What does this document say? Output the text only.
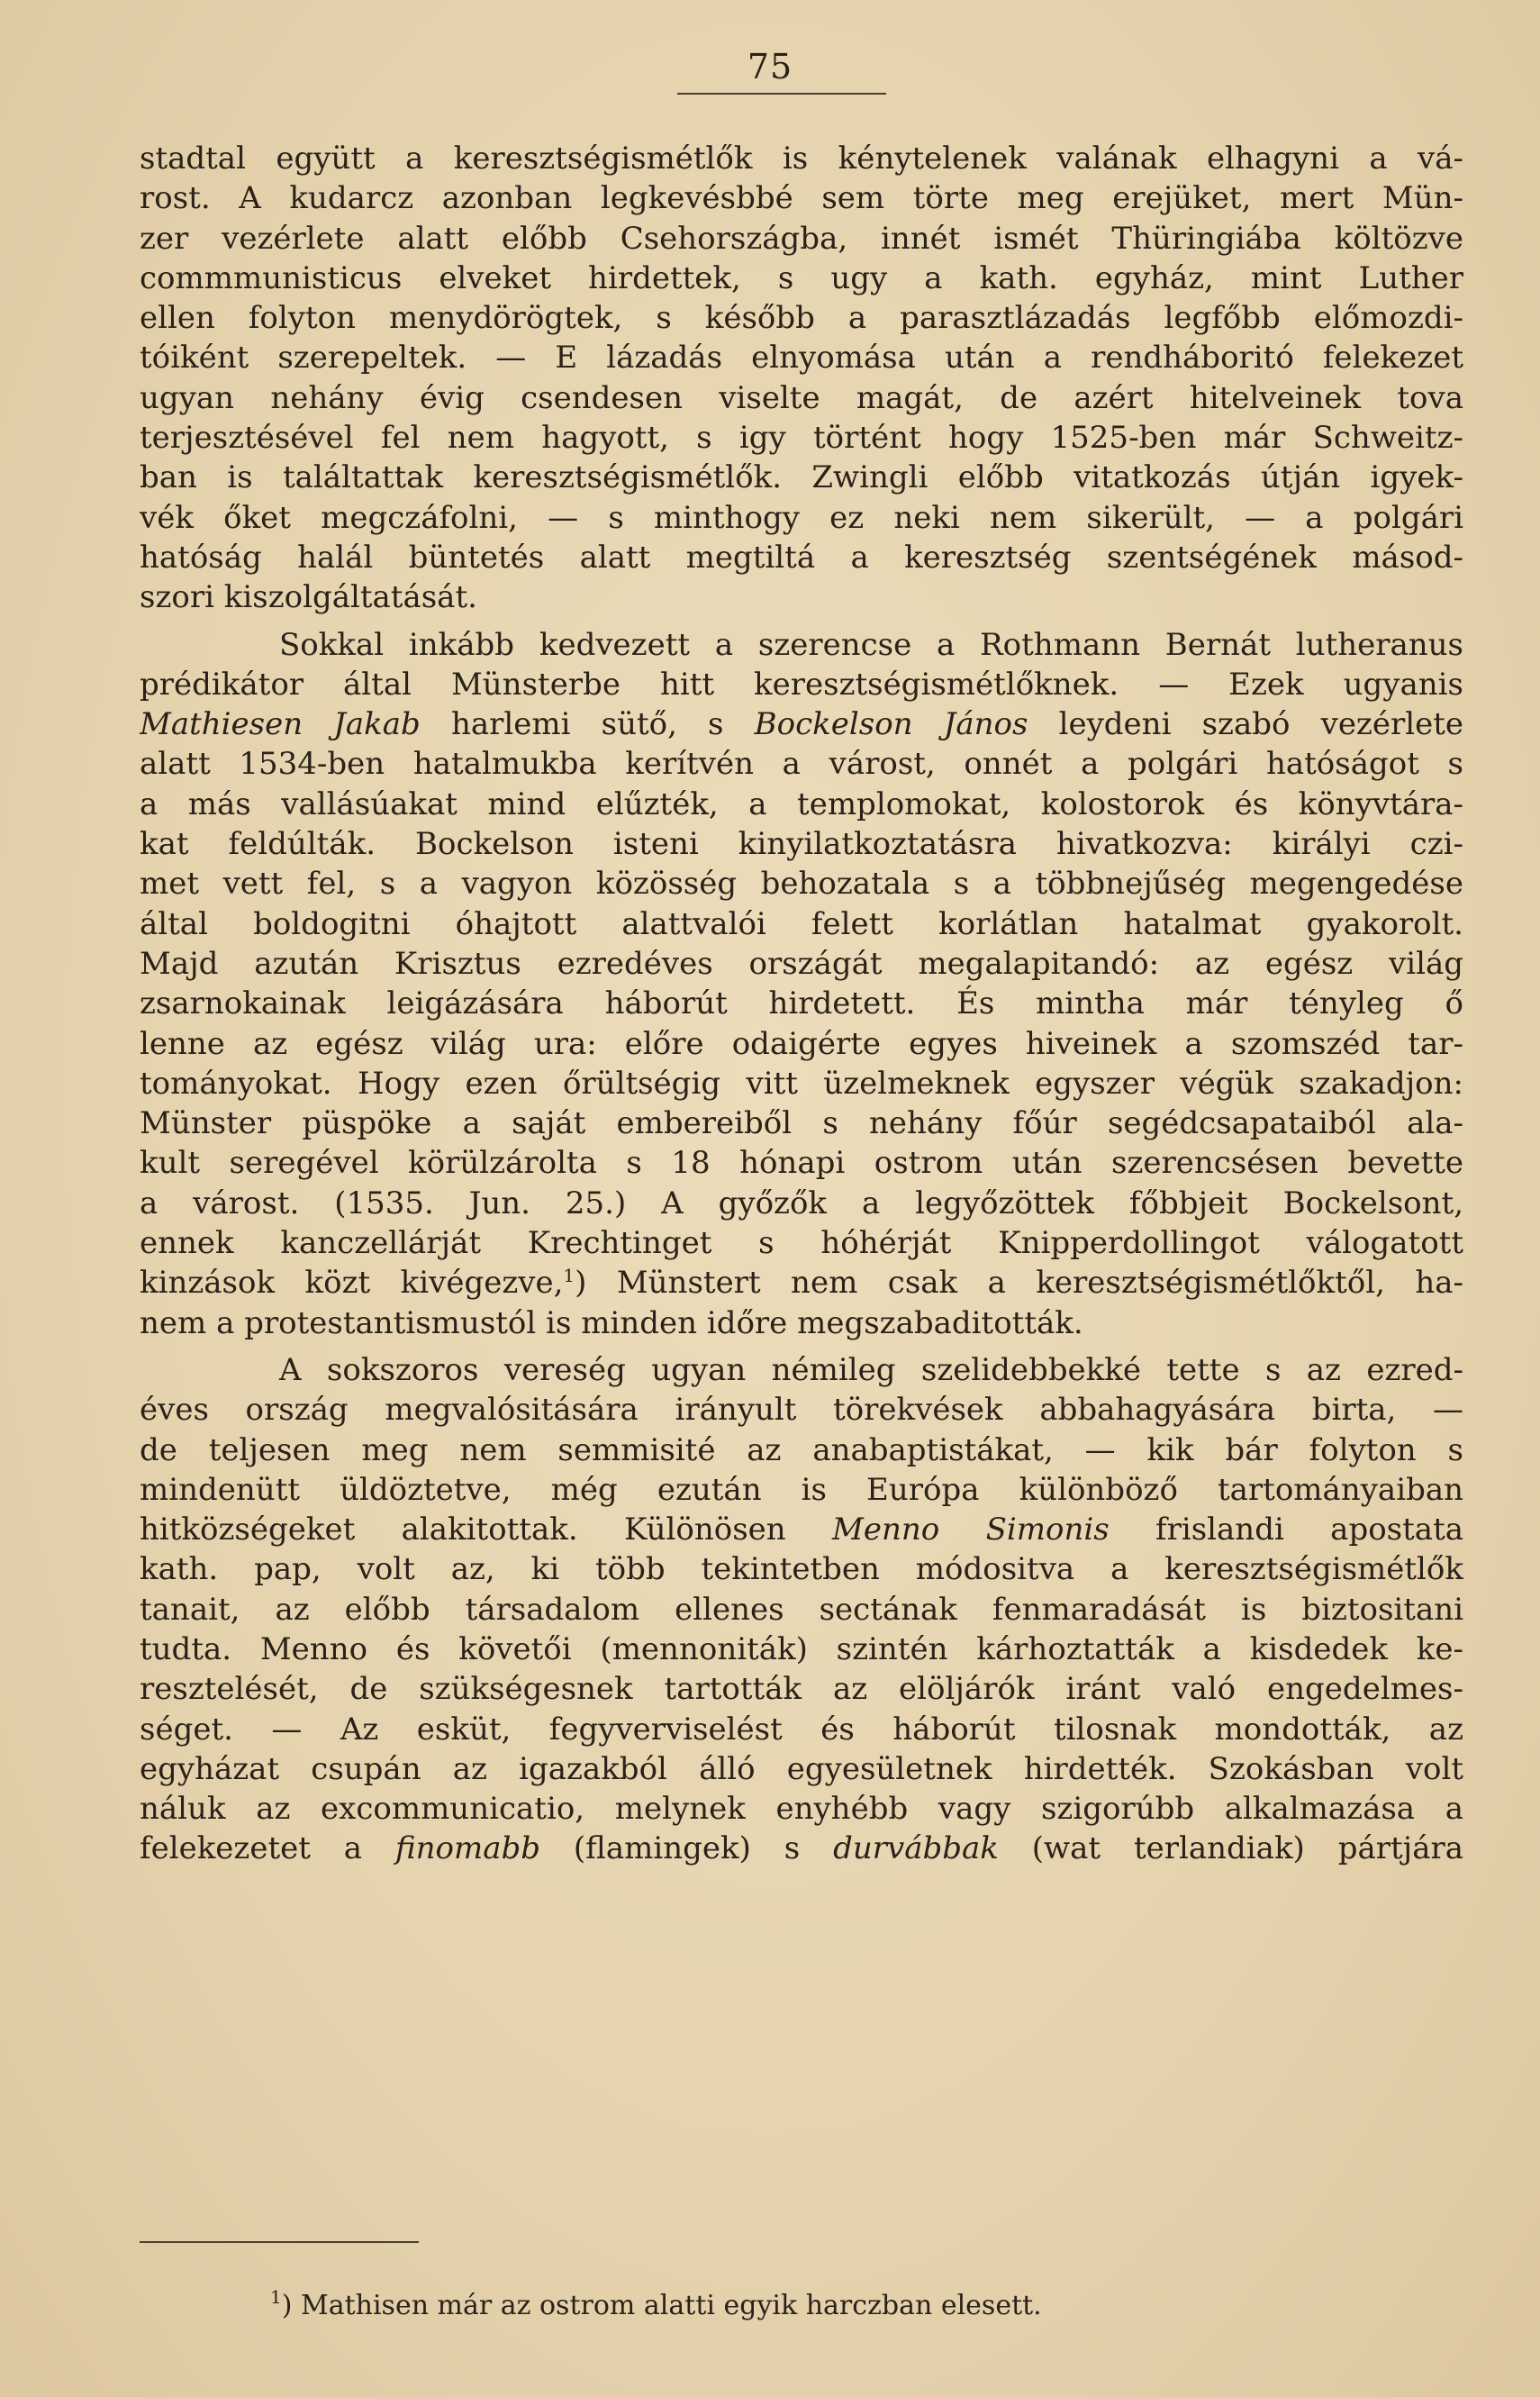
75
stadtal együtt a keresztségismétlők is kénytelenek valának elhagyni a vá-
rost. A kudarcz azonban legkevésbbé sem törte meg erejüket, mert Mün-
zer vezérlete alatt előbb Csehországba, innét ismét Thüringiába költözve
commmunisticus elveket hirdettek, s ugy a kath. egyház, mint Luther
ellen folyton menydörögtek, s később a parasztlázadás legfőbb előmozdi-
tóiként szerepeltek. — E lázadás elnyomása után a rendháboritó felekezet
ugyan nehány évig csendesen viselte magát, de azért hitelveinek tova
terjesztésével fel nem hagyott, s igy történt hogy 1525-ben már Schweitz-
ban is találtattak keresztségismétlők. Zwingli előbb vitatkozás útján igyek-
vék őket megczáfolni, — s minthogy ez neki nem sikerült, — a polgári
hatóság halál büntetés alatt megtiltá a keresztség szentségének másod-
szori kiszolgáltatását.
Sokkal inkább kedvezett a szerencse a Rothmann Bernát lutheranus
prédikátor által Münsterbe hitt keresztségismétlőknek. — Ezek ugyanis
Mathiesen Jakab harlemi sütő, s Bockelson János leydeni szabó vezérlete
alatt 1534-ben hatalmukba kerítvén a várost, onnét a polgári hatóságot s
a más vallásúakat mind elűzték, a templomokat, kolostorok és könyvtára-
kat feldúlták. Bockelson isteni kinyilatkoztatásra hivatkozva: királyi czi-
met vett fel, s a vagyon közösség behozatala s a többnejűség megengedése
által boldogitni óhajtott alattvalói felett korlátlan hatalmat gyakorolt.
Majd azután Krisztus ezredéves országát megalapitandó: az egész világ
zsarnokainak leigázására háborút hirdetett. És mintha már tényleg ő
lenne az egész világ ura: előre odaigérte egyes hiveinek a szomszéd tar-
tományokat. Hogy ezen őrültségig vitt üzelmeknek egyszer végük szakadjon:
Münster püspöke a saját embereiből s nehány főúr segédcsapataiból ala-
kult seregével körülzárolta s 18 hónapi ostrom után szerencsésen bevette
a várost. (1535. Jun. 25.) A győzők a legyőzöttek főbbjeit Bockelsont,
ennek kanczellárját Krechtinget s hóhérját Knipperdollingot válogatott
kinzások közt kivégezve,$^1$) Münstert nem csak a keresztségismétlőktől, ha-
nem a protestantismustól is minden időre megszabaditották.
A sokszoros vereség ugyan némileg szelidebbekké tette s az ezred-
éves ország megvalósitására irányult törekvések abbahagyására birta, —
de teljesen meg nem semmisité az anabaptistákat, — kik bár folyton s
mindenütt üldöztetve, még ezután is Európa különböző tartományaiban
hitközségeket alakitottak. Különösen Menno Simonis frislandi apostata
kath. pap, volt az, ki több tekintetben módositva a keresztségismétlők
tanait, az előbb társadalom ellenes sectának fenmaradását is biztositani
tudta. Menno és követői (mennoniták) szintén kárhoztatták a kisdedek ke-
resztelését, de szükségesnek tartották az elöljárók iránt való engedelmes-
séget. — Az esküt, fegyverviselést és háborút tilosnak mondották, az
egyházat csupán az igazakból álló egyesületnek hirdették. Szokásban volt
náluk az excommunicatio, melynek enyhébb vagy szigorúbb alkalmazása a
felekezetet a finomabb (flamingek) s durvábbak (wat terlandiak) pártjára
$^1$) Mathisen már az ostrom alatti egyik harczban elesett.
